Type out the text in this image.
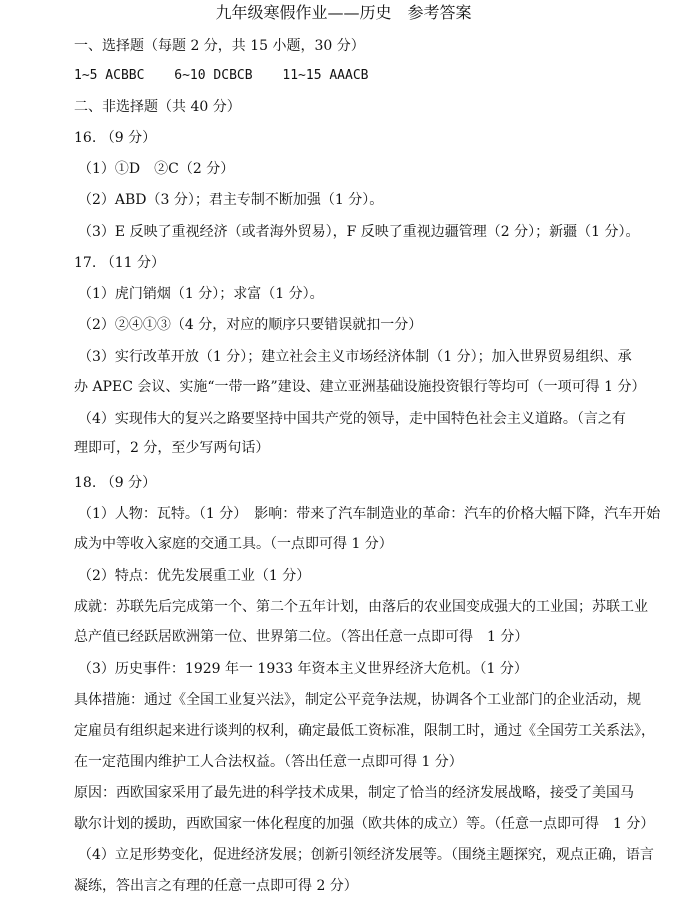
九年级寒假作业——历史　参考答案
一、选择题（每题 2 分，共 15 小题，30 分）
1~5 ACBBC 6~10 DCBCB 11~15 AAACB
二、非选择题（共 40 分）
16. （9 分）
（1）①D　②C（2 分）
（2）ABD（3 分）；君主专制不断加强（1 分）。
（3）E 反映了重视经济（或者海外贸易），F 反映了重视边疆管理（2 分）；新疆（1 分）。
17. （11 分）
（1）虎门销烟（1 分）；求富（1 分）。
（2）②④①③（4 分，对应的顺序只要错误就扣一分）
（3）实行改革开放（1 分）；建立社会主义市场经济体制（1 分）；加入世界贸易组织、承
办 APEC 会议、实施“一带一路”建设、建立亚洲基础设施投资银行等均可（一项可得 1 分）
（4）实现伟大的复兴之路要坚持中国共产党的领导，走中国特色社会主义道路。（言之有
理即可，2 分，至少写两句话）
18. （9 分）
（1）人物：瓦特。（1 分）　影响：带来了汽车制造业的革命：汽车的价格大幅下降，汽车开始
成为中等收入家庭的交通工具。（一点即可得 1 分）
（2）特点：优先发展重工业（1 分）
成就：苏联先后完成第一个、第二个五年计划，由落后的农业国变成强大的工业国；苏联工业
总产值已经跃居欧洲第一位、世界第二位。（答出任意一点即可得　1 分）
（3）历史事件：1929 年一 1933 年资本主义世界经济大危机。（1 分）
具体措施：通过《全国工业复兴法》，制定公平竞争法规，协调各个工业部门的企业活动，规
定雇员有组织起来进行谈判的权利，确定最低工资标准，限制工时，通过《全国劳工关系法》，
在一定范围内维护工人合法权益。（答出任意一点即可得 1 分）
原因：西欧国家采用了最先进的科学技术成果，制定了恰当的经济发展战略，接受了美国马
歇尔计划的援助，西欧国家一体化程度的加强（欧共体的成立）等。（任意一点即可得　1 分）
（4）立足形势变化，促进经济发展；创新引领经济发展等。（围绕主题探究，观点正确，语言
凝练，答出言之有理的任意一点即可得 2 分）
